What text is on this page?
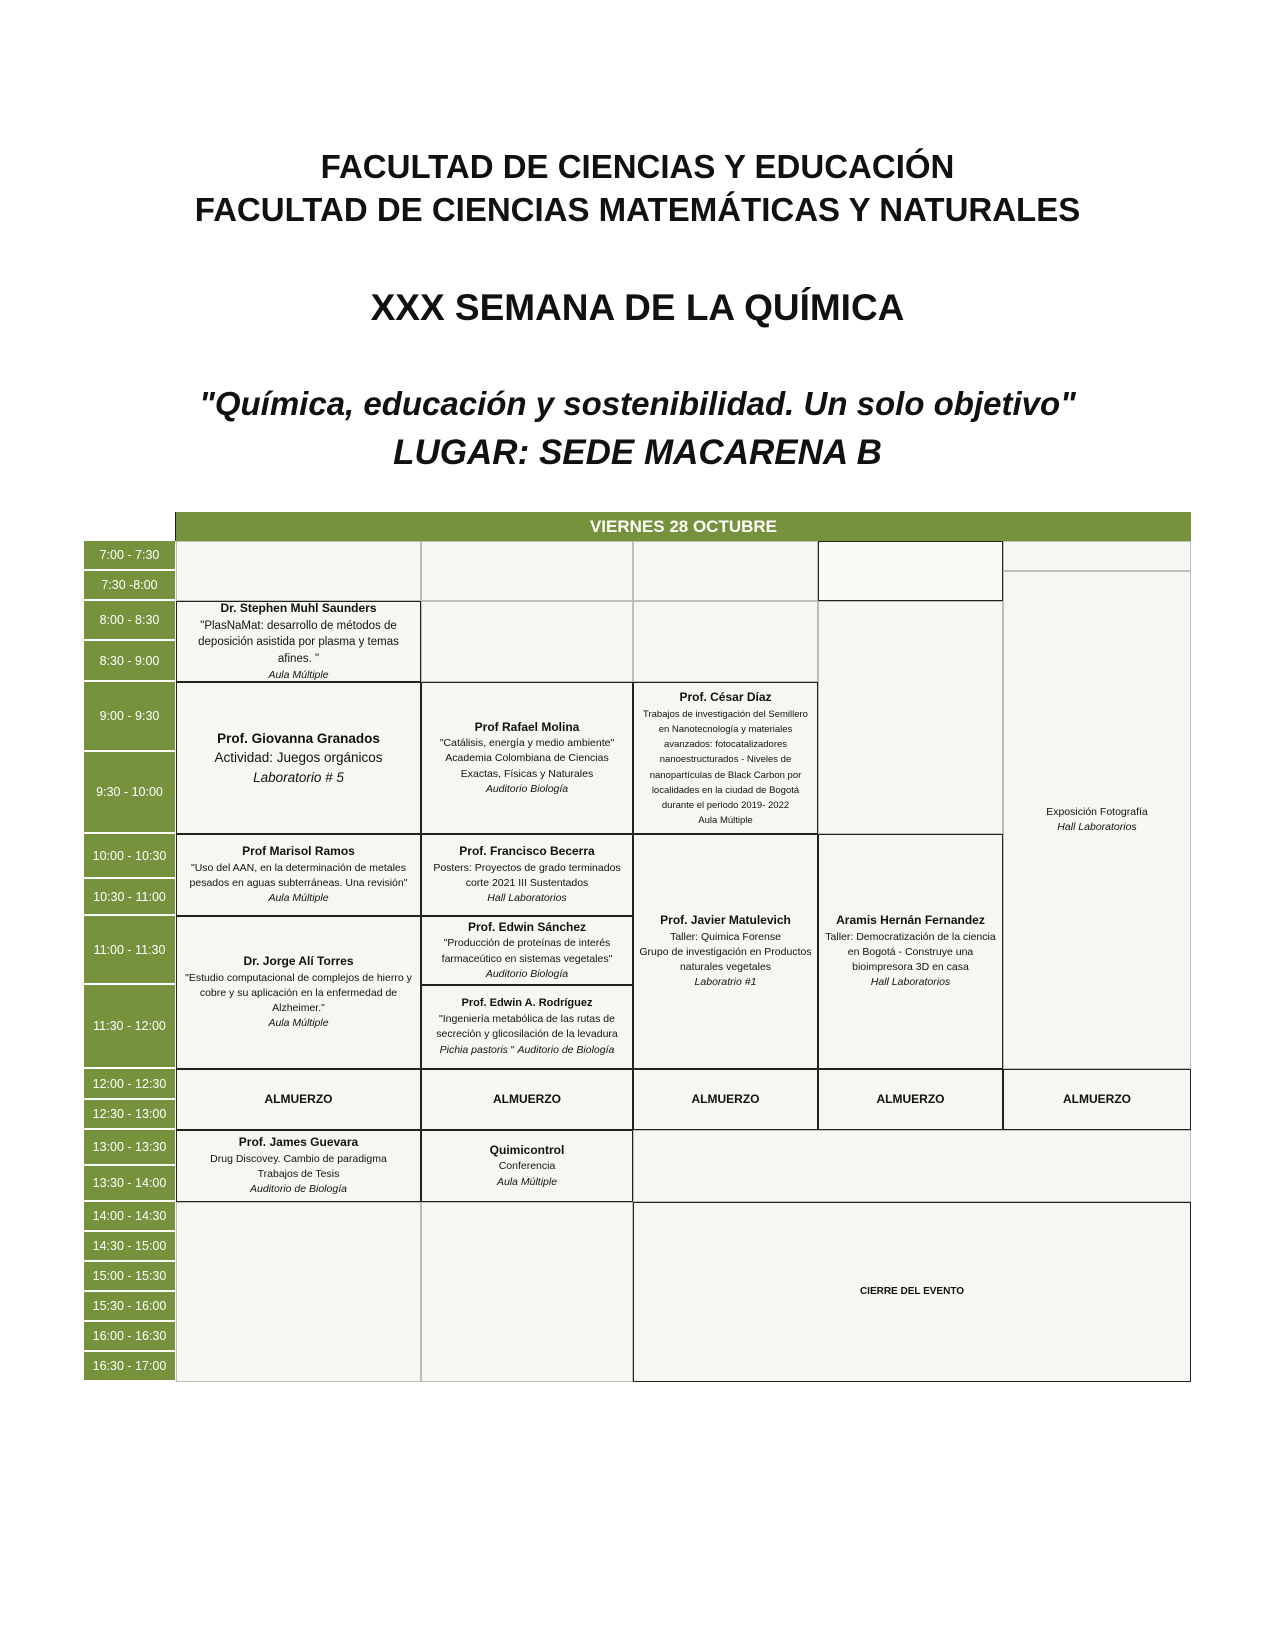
FACULTAD DE CIENCIAS Y EDUCACIÓN
FACULTAD DE CIENCIAS MATEMÁTICAS Y NATURALES
XXX SEMANA DE LA QUÍMICA
"Química, educación y sostenibilidad. Un solo objetivo"
LUGAR: SEDE MACARENA B
VIERNES 28 OCTUBRE
7:00 - 7:30
7:30 -8:00
8:00 - 8:30
8:30 - 9:00
9:00 - 9:30
9:30 - 10:00
10:00 - 10:30
10:30 - 11:00
11:00 - 11:30
11:30 - 12:00
12:00 - 12:30
12:30 - 13:00
13:00 - 13:30
13:30 - 14:00
14:00 - 14:30
14:30 - 15:00
15:00 - 15:30
15:30 - 16:00
16:00 - 16:30
16:30 - 17:00
Dr. Stephen Muhl Saunders
"PlasNaMat: desarrollo de métodos de deposición asistida por plasma y temas afines. "
Aula Múltiple
Prof. Giovanna Granados
Actividad: Juegos orgánicos
Laboratorio # 5
Prof Marisol Ramos
"Uso del AAN, en la determinación de metales pesados en aguas subterráneas. Una revisión"
Aula Múltiple
Dr. Jorge Alí Torres
"Estudio computacional de complejos de hierro y cobre y su aplicación en la enfermedad de Alzheimer."
Aula Múltiple
ALMUERZO
Prof. James Guevara
Drug Discovey. Cambio de paradigma
Trabajos de Tesis
Auditorio de Biología
Prof Rafael Molina
"Catálisis, energía y medio ambiente"
Academia Colombiana de Ciencias Exactas, Físicas y Naturales
Auditorio Biología
Prof. Francisco Becerra
Posters: Proyectos de grado terminados corte 2021 III Sustentados
Hall Laboratorios
Prof. Edwin Sánchez
"Producción de proteínas de interés farmaceútico en sistemas vegetales"
Auditorio Biología
Prof. Edwin A. Rodríguez
"Ingeniería metabólica de las rutas de secreción y glicosilación de la levadura
Pichia pastoris " Auditorio de Biología
ALMUERZO
Quimicontrol
Conferencia
Aula Múltiple
Prof. César Díaz
Trabajos de investigación del Semillero en Nanotecnología y materiales avanzados: fotocatalizadores nanoestructurados - Niveles de nanopartículas de Black Carbon por localidades en la ciudad de Bogotá durante el periodo 2019- 2022
Aula Múltiple
Prof. Javier Matulevich
Taller: Quimica Forense
Grupo de investigación en Productos naturales vegetales
Laboratrio #1
ALMUERZO
Aramis Hernán Fernandez
Taller: Democratización de la ciencia en Bogotá - Construye una bioimpresora 3D en casa
Hall Laboratorios
ALMUERZO
Exposición Fotografía
Hall Laboratorios
ALMUERZO
CIERRE DEL EVENTO
